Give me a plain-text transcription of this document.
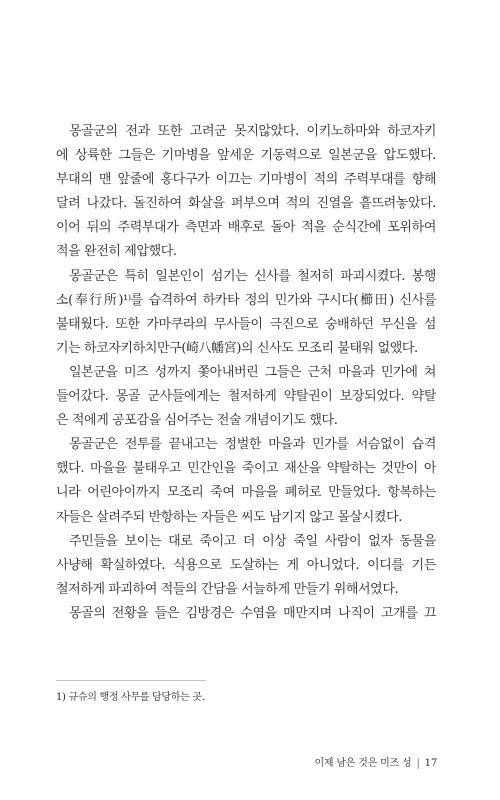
몽골군의 전과 또한 고려군 못지않았다. 이키노하마와 하코자키
에 상륙한 그들은 기마병을 앞세운 기동력으로 일본군을 압도했다.
부대의 맨 앞줄에 홍다구가 이끄는 기마병이 적의 주력부대를 향해
달려 나갔다. 돌진하여 화살을 퍼부으며 적의 진열을 흩뜨려놓았다.
이어 뒤의 주력부대가 측면과 배후로 돌아 적을 순식간에 포위하여
적을 완전히 제압했다.
몽골군은 특히 일본인이 섬기는 신사를 철저히 파괴시켰다. 봉행
소(奉行所)¹⁾를 습격하여 하카타 정의 민가와 구시다(櫛田) 신사를
불태웠다. 또한 가마쿠라의 무사들이 극진으로 숭배하던 무신을 섬
기는 하코자키하치만구(崎八幡宮)의 신사도 모조리 불태워 없앴다.
일본군을 미즈 성까지 쫓아내버린 그들은 근처 마을과 민가에 쳐
들어갔다. 몽골 군사들에게는 철저하게 약탈권이 보장되었다. 약탈
은 적에게 공포감을 심어주는 전술 개념이기도 했다.
몽골군은 전투를 끝내고는 정벌한 마을과 민가를 서슴없이 습격
했다. 마을을 불태우고 민간인을 죽이고 재산을 약탈하는 것만이 아
니라 어린아이까지 모조리 죽여 마을을 폐허로 만들었다. 항복하는
자들은 살려주되 반항하는 자들은 씨도 남기지 않고 몰살시켰다.
주민들을 보이는 대로 죽이고 더 이상 죽일 사람이 없자 동물을
사냥해 확실하였다. 식용으로 도살하는 게 아니었다. 이디를 기든
철저하게 파괴하여 적들의 간담을 서늘하게 만들기 위해서였다.
몽골의 전황을 들은 김방경은 수염을 매만지며 나직이 고개를 끄
1) 규슈의 행정 사무를 담당하는 곳.
이제 남은 것은 미즈 성 | 17
